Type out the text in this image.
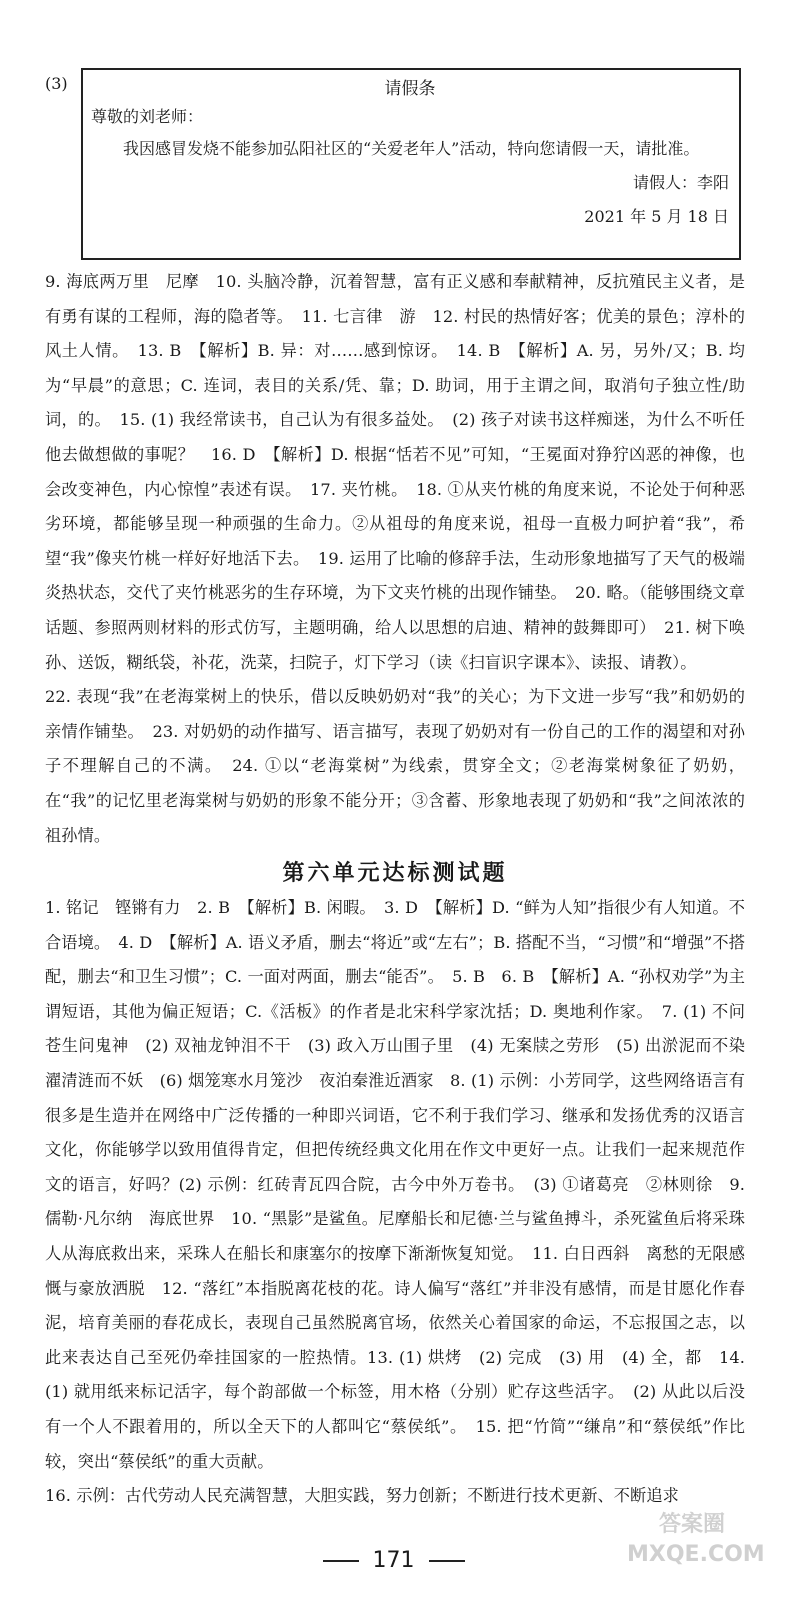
(3)	请假条
尊敬的刘老师：
我因感冒发烧不能参加弘阳社区的“关爱老年人”活动，特向您请假一天，请批准。
请假人：李阳
2021 年 5 月 18 日

9. 海底两万里　尼摩　10. 头脑冷静，沉着智慧，富有正义感和奉献精神，反抗殖民主义者，是有勇有谋的工程师，海的隐者等。　11. 七言律　游　12. 村民的热情好客；优美的景色；淳朴的风土人情。　13. B　【解析】B. 异：对……感到惊讶。　14. B　【解析】A. 另，另外/又；B. 均为“早晨”的意思；C. 连词，表目的关系/凭、靠；D. 助词，用于主谓之间，取消句子独立性/助词，的。　15. (1) 我经常读书，自己认为有很多益处。　(2) 孩子对读书这样痴迷，为什么不听任他去做想做的事呢？　16. D　【解析】D. 根据“恬若不见”可知，“王冕面对狰狞凶恶的神像，也会改变神色，内心惊惶”表述有误。　17. 夹竹桃。　18. ①从夹竹桃的角度来说，不论处于何种恶劣环境，都能够呈现一种顽强的生命力。②从祖母的角度来说，祖母一直极力呵护着“我”，希望“我”像夹竹桃一样好好地活下去。　19. 运用了比喻的修辞手法，生动形象地描写了天气的极端炎热状态，交代了夹竹桃恶劣的生存环境，为下文夹竹桃的出现作铺垫。　20. 略。（能够围绕文章话题、参照两则材料的形式仿写，主题明确，给人以思想的启迪、精神的鼓舞即可）　21. 树下唤孙、送饭，糊纸袋，补花，洗菜，扫院子，灯下学习（读《扫盲识字课本》、读报、请教）。

22. 表现“我”在老海棠树上的快乐，借以反映奶奶对“我”的关心；为下文进一步写“我”和奶奶的亲情作铺垫。　23. 对奶奶的动作描写、语言描写，表现了奶奶对有一份自己的工作的渴望和对孙子不理解自己的不满。　24. ①以“老海棠树”为线索，贯穿全文；②老海棠树象征了奶奶，在“我”的记忆里老海棠树与奶奶的形象不能分开；③含蓄、形象地表现了奶奶和“我”之间浓浓的祖孙情。

第六单元达标测试题

1. 铭记　铿锵有力　2. B　【解析】B. 闲暇。　3. D　【解析】D. “鲜为人知”指很少有人知道。不合语境。　4. D　【解析】A. 语义矛盾，删去“将近”或“左右”；B. 搭配不当，“习惯”和“增强”不搭配，删去“和卫生习惯”；C. 一面对两面，删去“能否”。　5. B　6. B　【解析】A. “孙权劝学”为主谓短语，其他为偏正短语；C.《活板》的作者是北宋科学家沈括；D. 奥地利作家。　7. (1) 不问苍生问鬼神　(2) 双袖龙钟泪不干　(3) 政入万山围子里　(4) 无案牍之劳形　(5) 出淤泥而不染　濯清涟而不妖　(6) 烟笼寒水月笼沙　夜泊秦淮近酒家　8. (1) 示例：小芳同学，这些网络语言有很多是生造并在网络中广泛传播的一种即兴词语，它不利于我们学习、继承和发扬优秀的汉语言文化，你能够学以致用值得肯定，但把传统经典文化用在作文中更好一点。让我们一起来规范作文的语言，好吗？(2) 示例：红砖青瓦四合院，古今中外万卷书。　(3) ①诸葛亮　②林则徐　9. 儒勒·凡尔纳　海底世界　10. “黑影”是鲨鱼。尼摩船长和尼德·兰与鲨鱼搏斗，杀死鲨鱼后将采珠人从海底救出来，采珠人在船长和康塞尔的按摩下渐渐恢复知觉。　11. 白日西斜　离愁的无限感慨与豪放洒脱　12. “落红”本指脱离花枝的花。诗人偏写“落红”并非没有感情，而是甘愿化作春泥，培育美丽的春花成长，表现自己虽然脱离官场，依然关心着国家的命运，不忘报国之志，以此来表达自己至死仍牵挂国家的一腔热情。13. (1) 烘烤　(2) 完成　(3) 用　(4) 全，都　14. (1) 就用纸来标记活字，每个韵部做一个标签，用木格（分别）贮存这些活字。　(2) 从此以后没有一个人不跟着用的，所以全天下的人都叫它“蔡侯纸”。　15. 把“竹简”“缣帛”和“蔡侯纸”作比较，突出“蔡侯纸”的重大贡献。

16. 示例：古代劳动人民充满智慧，大胆实践，努力创新；不断进行技术更新、不断追求

171
答案圈 MXQE.COM
